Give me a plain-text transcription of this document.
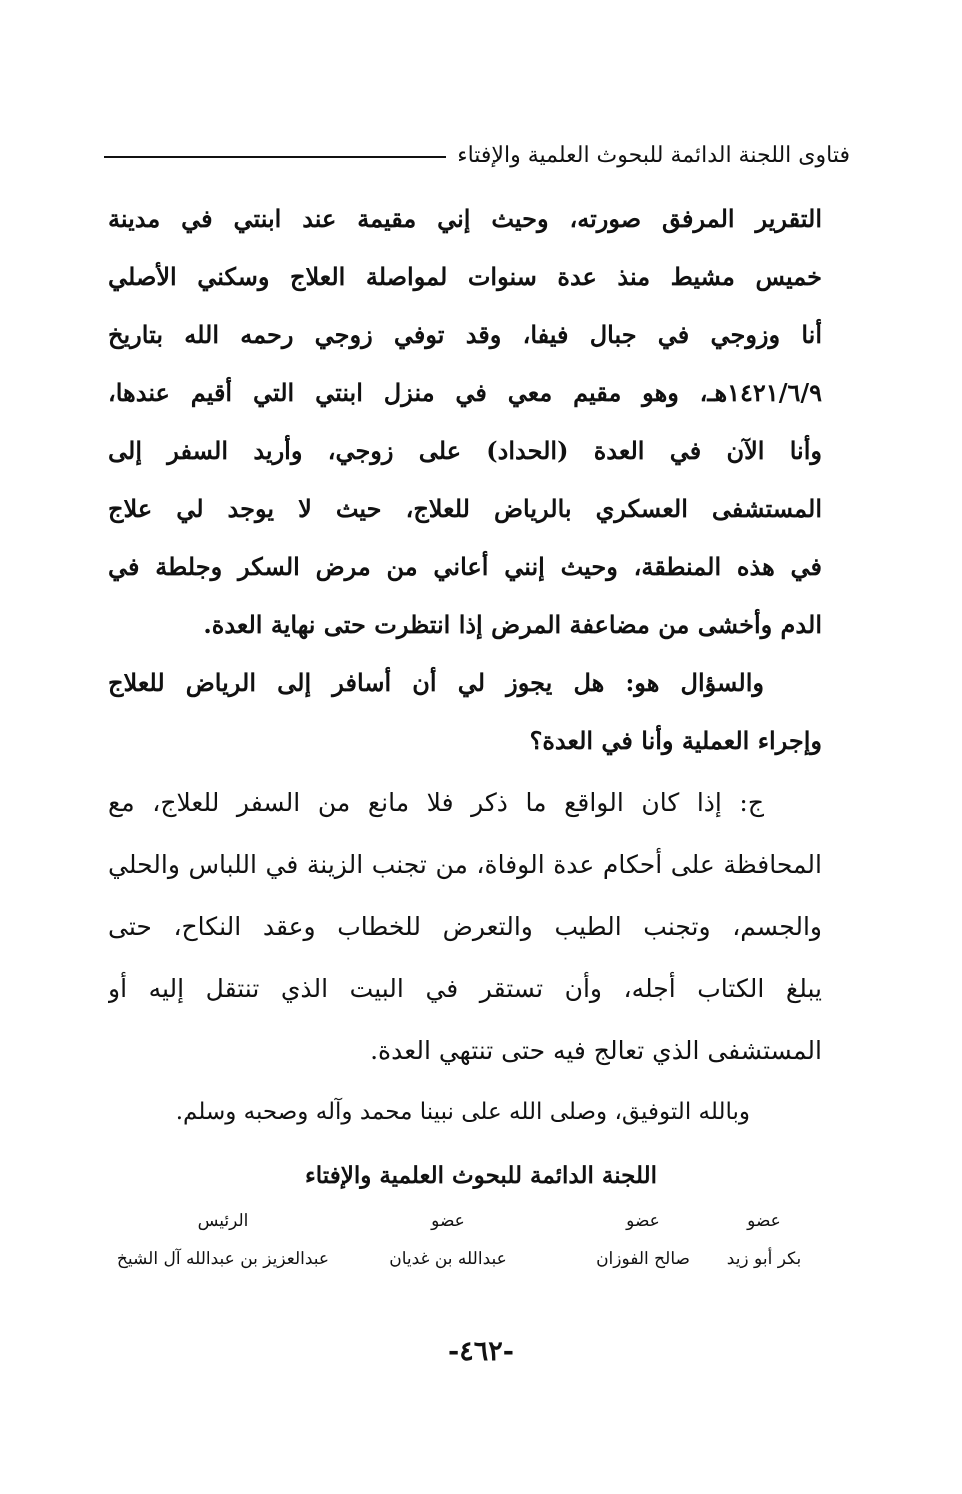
فتاوى اللجنة الدائمة للبحوث العلمية والإفتاء
التقرير المرفق صورته، وحيث إني مقيمة عند ابنتي في مدينة
خميس مشيط منذ عدة سنوات لمواصلة العلاج وسكني الأصلي
أنا وزوجي في جبال فيفا، وقد توفي زوجي رحمه الله بتاريخ
١٤٢١/٦/٩هـ، وهو مقيم معي في منزل ابنتي التي أقيم عندها،
وأنا الآن في العدة (الحداد) على زوجي، وأريد السفر إلى
المستشفى العسكري بالرياض للعلاج، حيث لا يوجد لي علاج
في هذه المنطقة، وحيث إنني أعاني من مرض السكر وجلطة في
الدم وأخشى من مضاعفة المرض إذا انتظرت حتى نهاية العدة.
والسؤال هو: هل يجوز لي أن أسافر إلى الرياض للعلاج
وإجراء العملية وأنا في العدة؟
ج: إذا كان الواقع ما ذكر فلا مانع من السفر للعلاج، مع
المحافظة على أحكام عدة الوفاة، من تجنب الزينة في اللباس والحلي
والجسم، وتجنب الطيب والتعرض للخطاب وعقد النكاح، حتى
يبلغ الكتاب أجله، وأن تستقر في البيت الذي تنتقل إليه أو
المستشفى الذي تعالج فيه حتى تنتهي العدة.
وبالله التوفيق، وصلى الله على نبينا محمد وآله وصحبه وسلم.
اللجنة الدائمة للبحوث العلمية والإفتاء
عضو
بكر أبو زيد
عضو
صالح الفوزان
عضو
عبدالله بن غديان
الرئيس
عبدالعزيز بن عبدالله آل الشيخ
-٤٦٢-
